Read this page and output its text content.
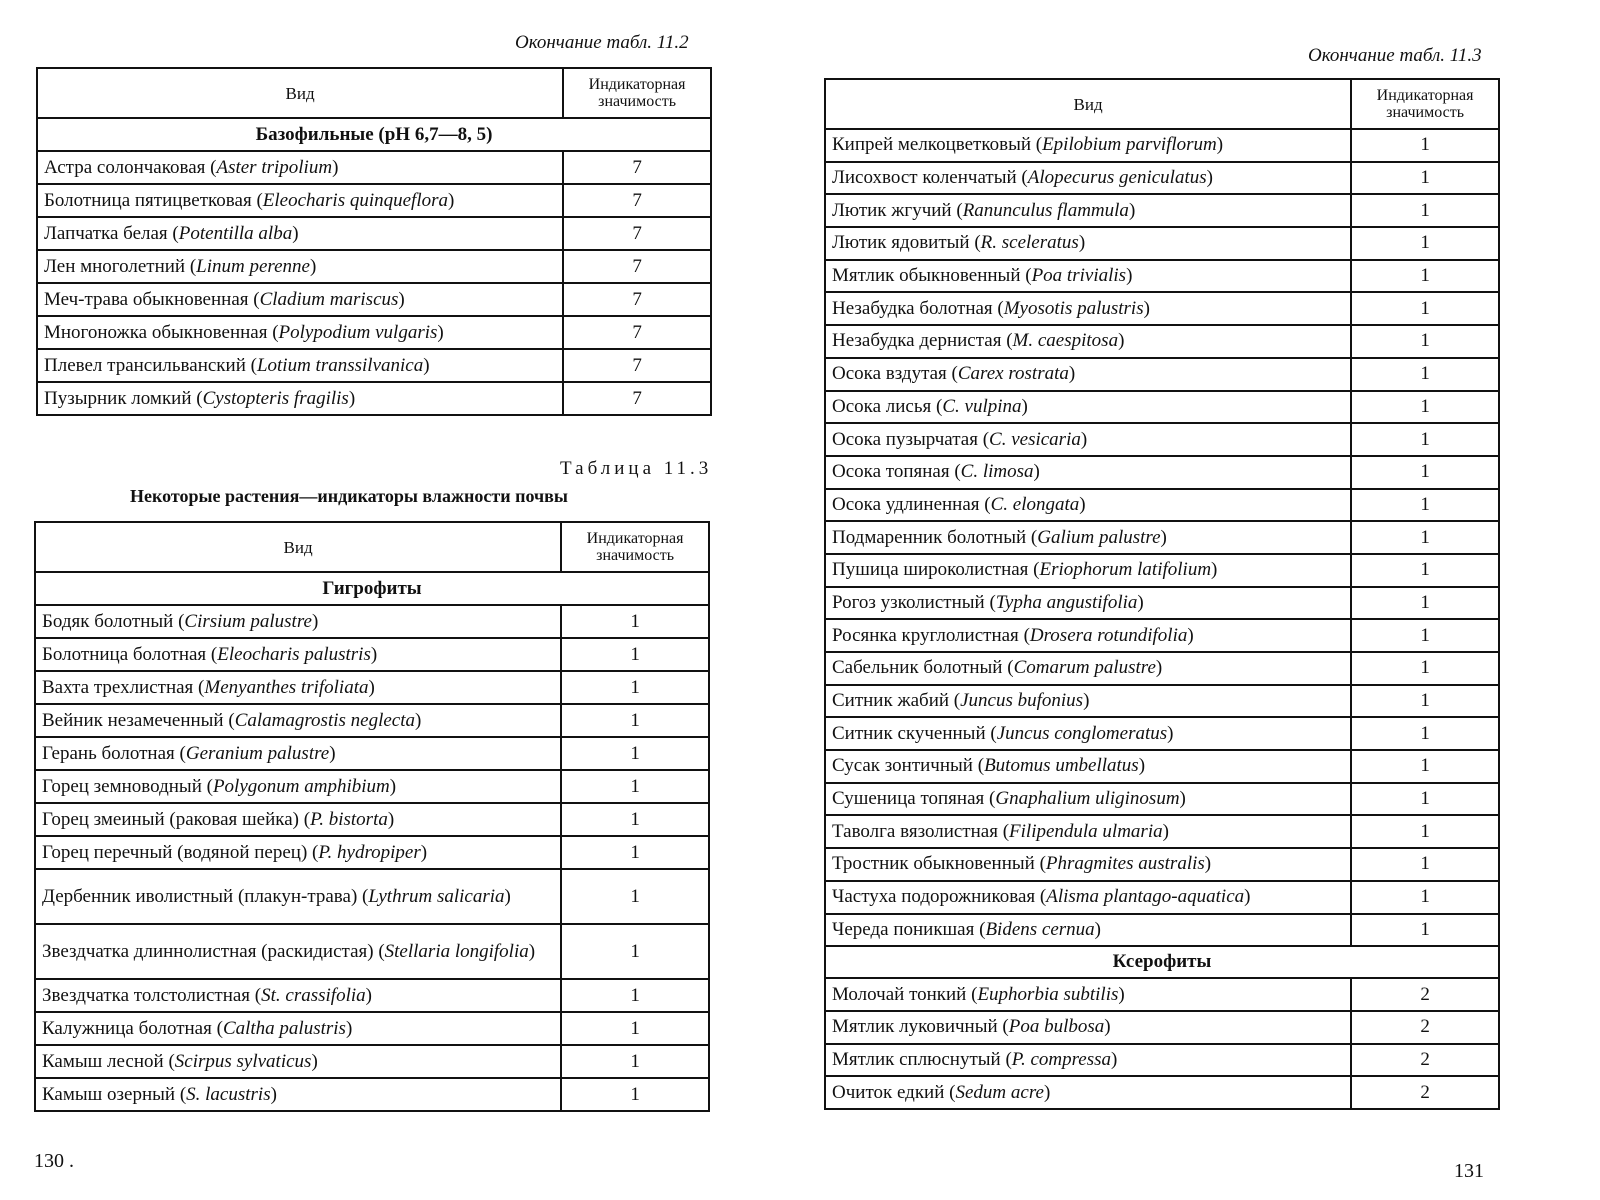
Окончание табл. 11.2
Вид	Индикаторная значимость
Базофильные (рН 6,7—8, 5)	
Астра солончаковая (Aster tripolium)	7
Болотница пятицветковая (Eleocharis quinqueflora)	7
Лапчатка белая (Potentilla alba)	7
Лен многолетний (Linum perenne)	7
Меч-трава обыкновенная (Cladium mariscus)	7
Многоножка обыкновенная (Polypodium vulgaris)	7
Плевел трансильванский (Lotium transsilvanica)	7
Пузырник ломкий (Cystopteris fragilis)	7
Таблица 11.3
Некоторые растения—индикаторы влажности почвы
Вид	Индикаторная значимость
Гигрофиты	
Бодяк болотный (Cirsium palustre)	1
Болотница болотная (Eleocharis palustris)	1
Вахта трехлистная (Menyanthes trifoliata)	1
Вейник незамеченный (Calamagrostis neglecta)	1
Герань болотная (Geranium palustre)	1
Горец земноводный (Polygonum amphibium)	1
Горец змеиный (раковая шейка) (P. bistorta)	1
Горец перечный (водяной перец) (P. hydropiper)	1
Дербенник иволистный (плакун-трава) (Lythrum salicaria)	1
Звездчатка длиннолистная (раскидистая) (Stellaria longifolia)	1
Звездчатка толстолистная (St. crassifolia)	1
Калужница болотная (Caltha palustris)	1
Камыш лесной (Scirpus sylvaticus)	1
Камыш озерный (S. lacustris)	1
130 .
Окончание табл. 11.3
Вид	Индикаторная значимость
Кипрей мелкоцветковый (Epilobium parviflorum)	1
Лисохвост коленчатый (Alopecurus geniculatus)	1
Лютик жгучий (Ranunculus flammula)	1
Лютик ядовитый (R. sceleratus)	1
Мятлик обыкновенный (Poa trivialis)	1
Незабудка болотная (Myosotis palustris)	1
Незабудка дернистая (M. caespitosa)	1
Осока вздутая (Carex rostrata)	1
Осока лисья (C. vulpina)	1
Осока пузырчатая (C. vesicaria)	1
Осока топяная (C. limosa)	1
Осока удлиненная (C. elongata)	1
Подмаренник болотный (Galium palustre)	1
Пушица широколистная (Eriophorum latifolium)	1
Рогоз узколистный (Typha angustifolia)	1
Росянка круглолистная (Drosera rotundifolia)	1
Сабельник болотный (Comarum palustre)	1
Ситник жабий (Juncus bufonius)	1
Ситник скученный (Juncus conglomeratus)	1
Сусак зонтичный (Butomus umbellatus)	1
Сушеница топяная (Gnaphalium uliginosum)	1
Таволга вязолистная (Filipendula ulmaria)	1
Тростник обыкновенный (Phragmites australis)	1
Частуха подорожниковая (Alisma plantago-aquatica)	1
Череда поникшая (Bidens cernua)	1
Ксерофиты	
Молочай тонкий (Euphorbia subtilis)	2
Мятлик луковичный (Poa bulbosa)	2
Мятлик сплюснутый (P. compressa)	2
Очиток едкий (Sedum acre)	2
131
